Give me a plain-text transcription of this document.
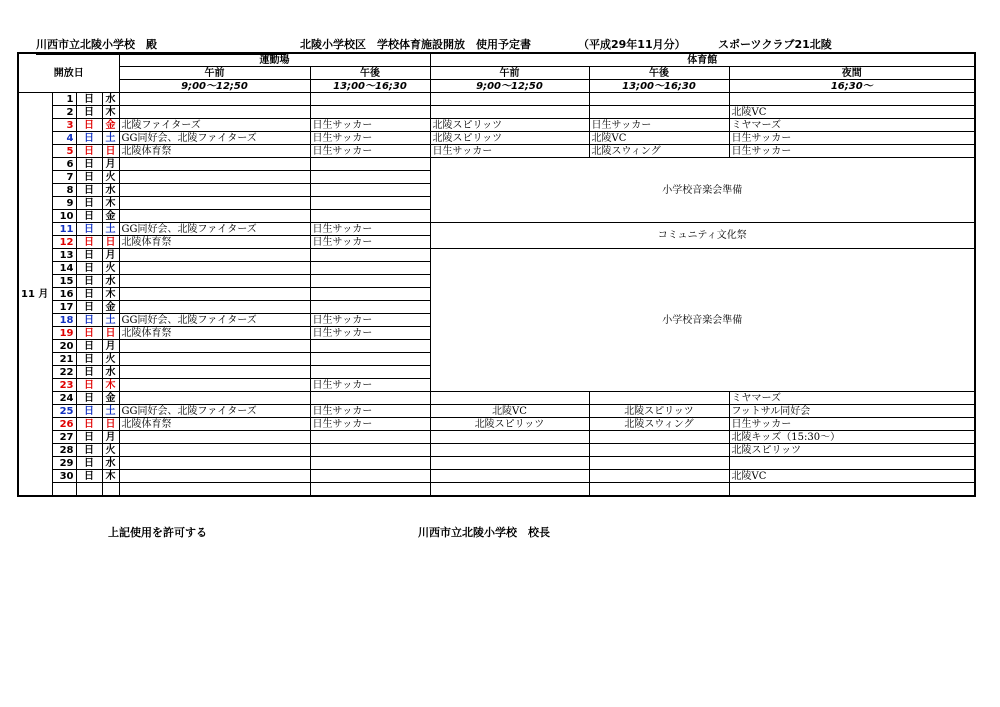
川西市立北陵小学校　殿	北陵小学校区　学校体育施設開放　使用予定書	（平成29年11月分）	スポーツクラブ21北陵
開放日				運動場		体育館		
				午前	午後	午前	午後	夜間
				9;00～12;50	13;00～16;30	9;00～12;50	13;00～16;30	16;30～
11 月	1	日	水					
	2	日	木					北陵VC
	3	日	金	北陵ファイターズ	日生サッカー	北陵スピリッツ	日生サッカー	ミヤマーズ
	4	日	土	GG同好会、北陵ファイターズ	日生サッカー	北陵スピリッツ	北陵VC	日生サッカー
	5	日	日	北陵体育祭	日生サッカー	日生サッカー	北陵スウィング	日生サッカー
	6	日	月			小学校音楽会準備		
	7	日	火					
	8	日	水					
	9	日	木					
	10	日	金					
	11	日	土	GG同好会、北陵ファイターズ	日生サッカー	コミュニティ文化祭		
	12	日	日	北陵体育祭	日生サッカー			
	13	日	月			小学校音楽会準備		
	14	日	火					
	15	日	水					
	16	日	木					
	17	日	金					
	18	日	土	GG同好会、北陵ファイターズ	日生サッカー			
	19	日	日	北陵体育祭	日生サッカー			
	20	日	月					
	21	日	火					
	22	日	水					
	23	日	木		日生サッカー			
	24	日	金					ミヤマーズ
	25	日	土	GG同好会、北陵ファイターズ	日生サッカー	北陵VC	北陵スピリッツ	フットサル同好会
	26	日	日	北陵体育祭	日生サッカー	北陵スピリッツ	北陵スウィング	日生サッカー
	27	日	月					北陵キッズ（15:30～）
	28	日	火					北陵スピリッツ
	29	日	水					
	30	日	木					北陵VC

上記使用を許可する	川西市立北陵小学校　校長
